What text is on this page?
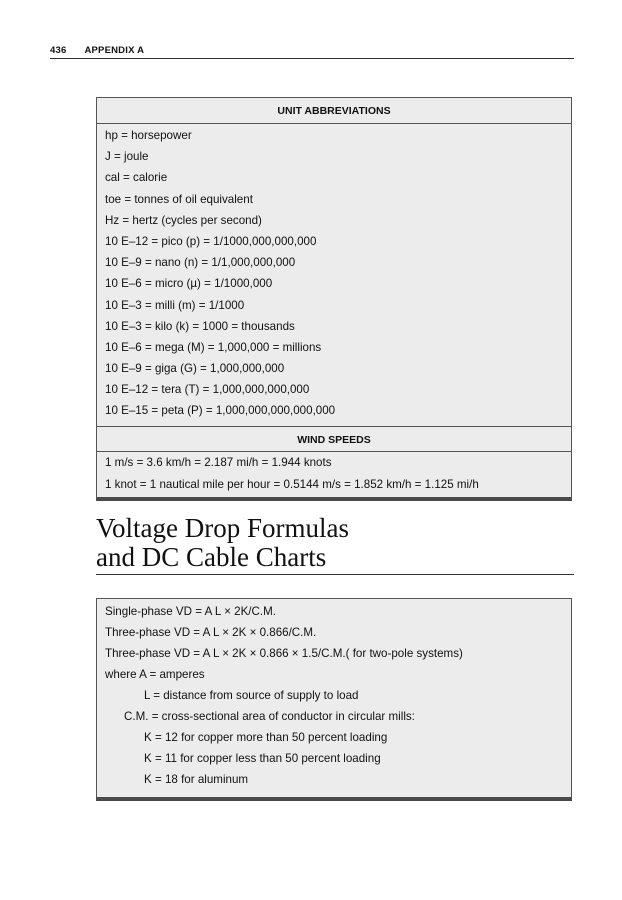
436 APPENDIX A
UNIT ABBREVIATIONS
hp = horsepower
J = joule
cal = calorie
toe = tonnes of oil equivalent
Hz = hertz (cycles per second)
10 E–12 = pico (p) = 1/1000,000,000,000
10 E–9 = nano (n) = 1/1,000,000,000
10 E–6 = micro (µ) = 1/1000,000
10 E–3 = milli (m) = 1/1000
10 E–3 = kilo (k) = 1000 = thousands
10 E–6 = mega (M) = 1,000,000 = millions
10 E–9 = giga (G) = 1,000,000,000
10 E–12 = tera (T) = 1,000,000,000,000
10 E–15 = peta (P) = 1,000,000,000,000,000
WIND SPEEDS
1 m/s = 3.6 km/h = 2.187 mi/h = 1.944 knots
1 knot = 1 nautical mile per hour = 0.5144 m/s = 1.852 km/h = 1.125 mi/h
Voltage Drop Formulas
and DC Cable Charts
Single-phase VD = A L × 2K/C.M.
Three-phase VD = A L × 2K × 0.866/C.M.
Three-phase VD = A L × 2K × 0.866 × 1.5/C.M.( for two-pole systems)
where A = amperes
L = distance from source of supply to load
C.M. = cross-sectional area of conductor in circular mills:
K = 12 for copper more than 50 percent loading
K = 11 for copper less than 50 percent loading
K = 18 for aluminum
